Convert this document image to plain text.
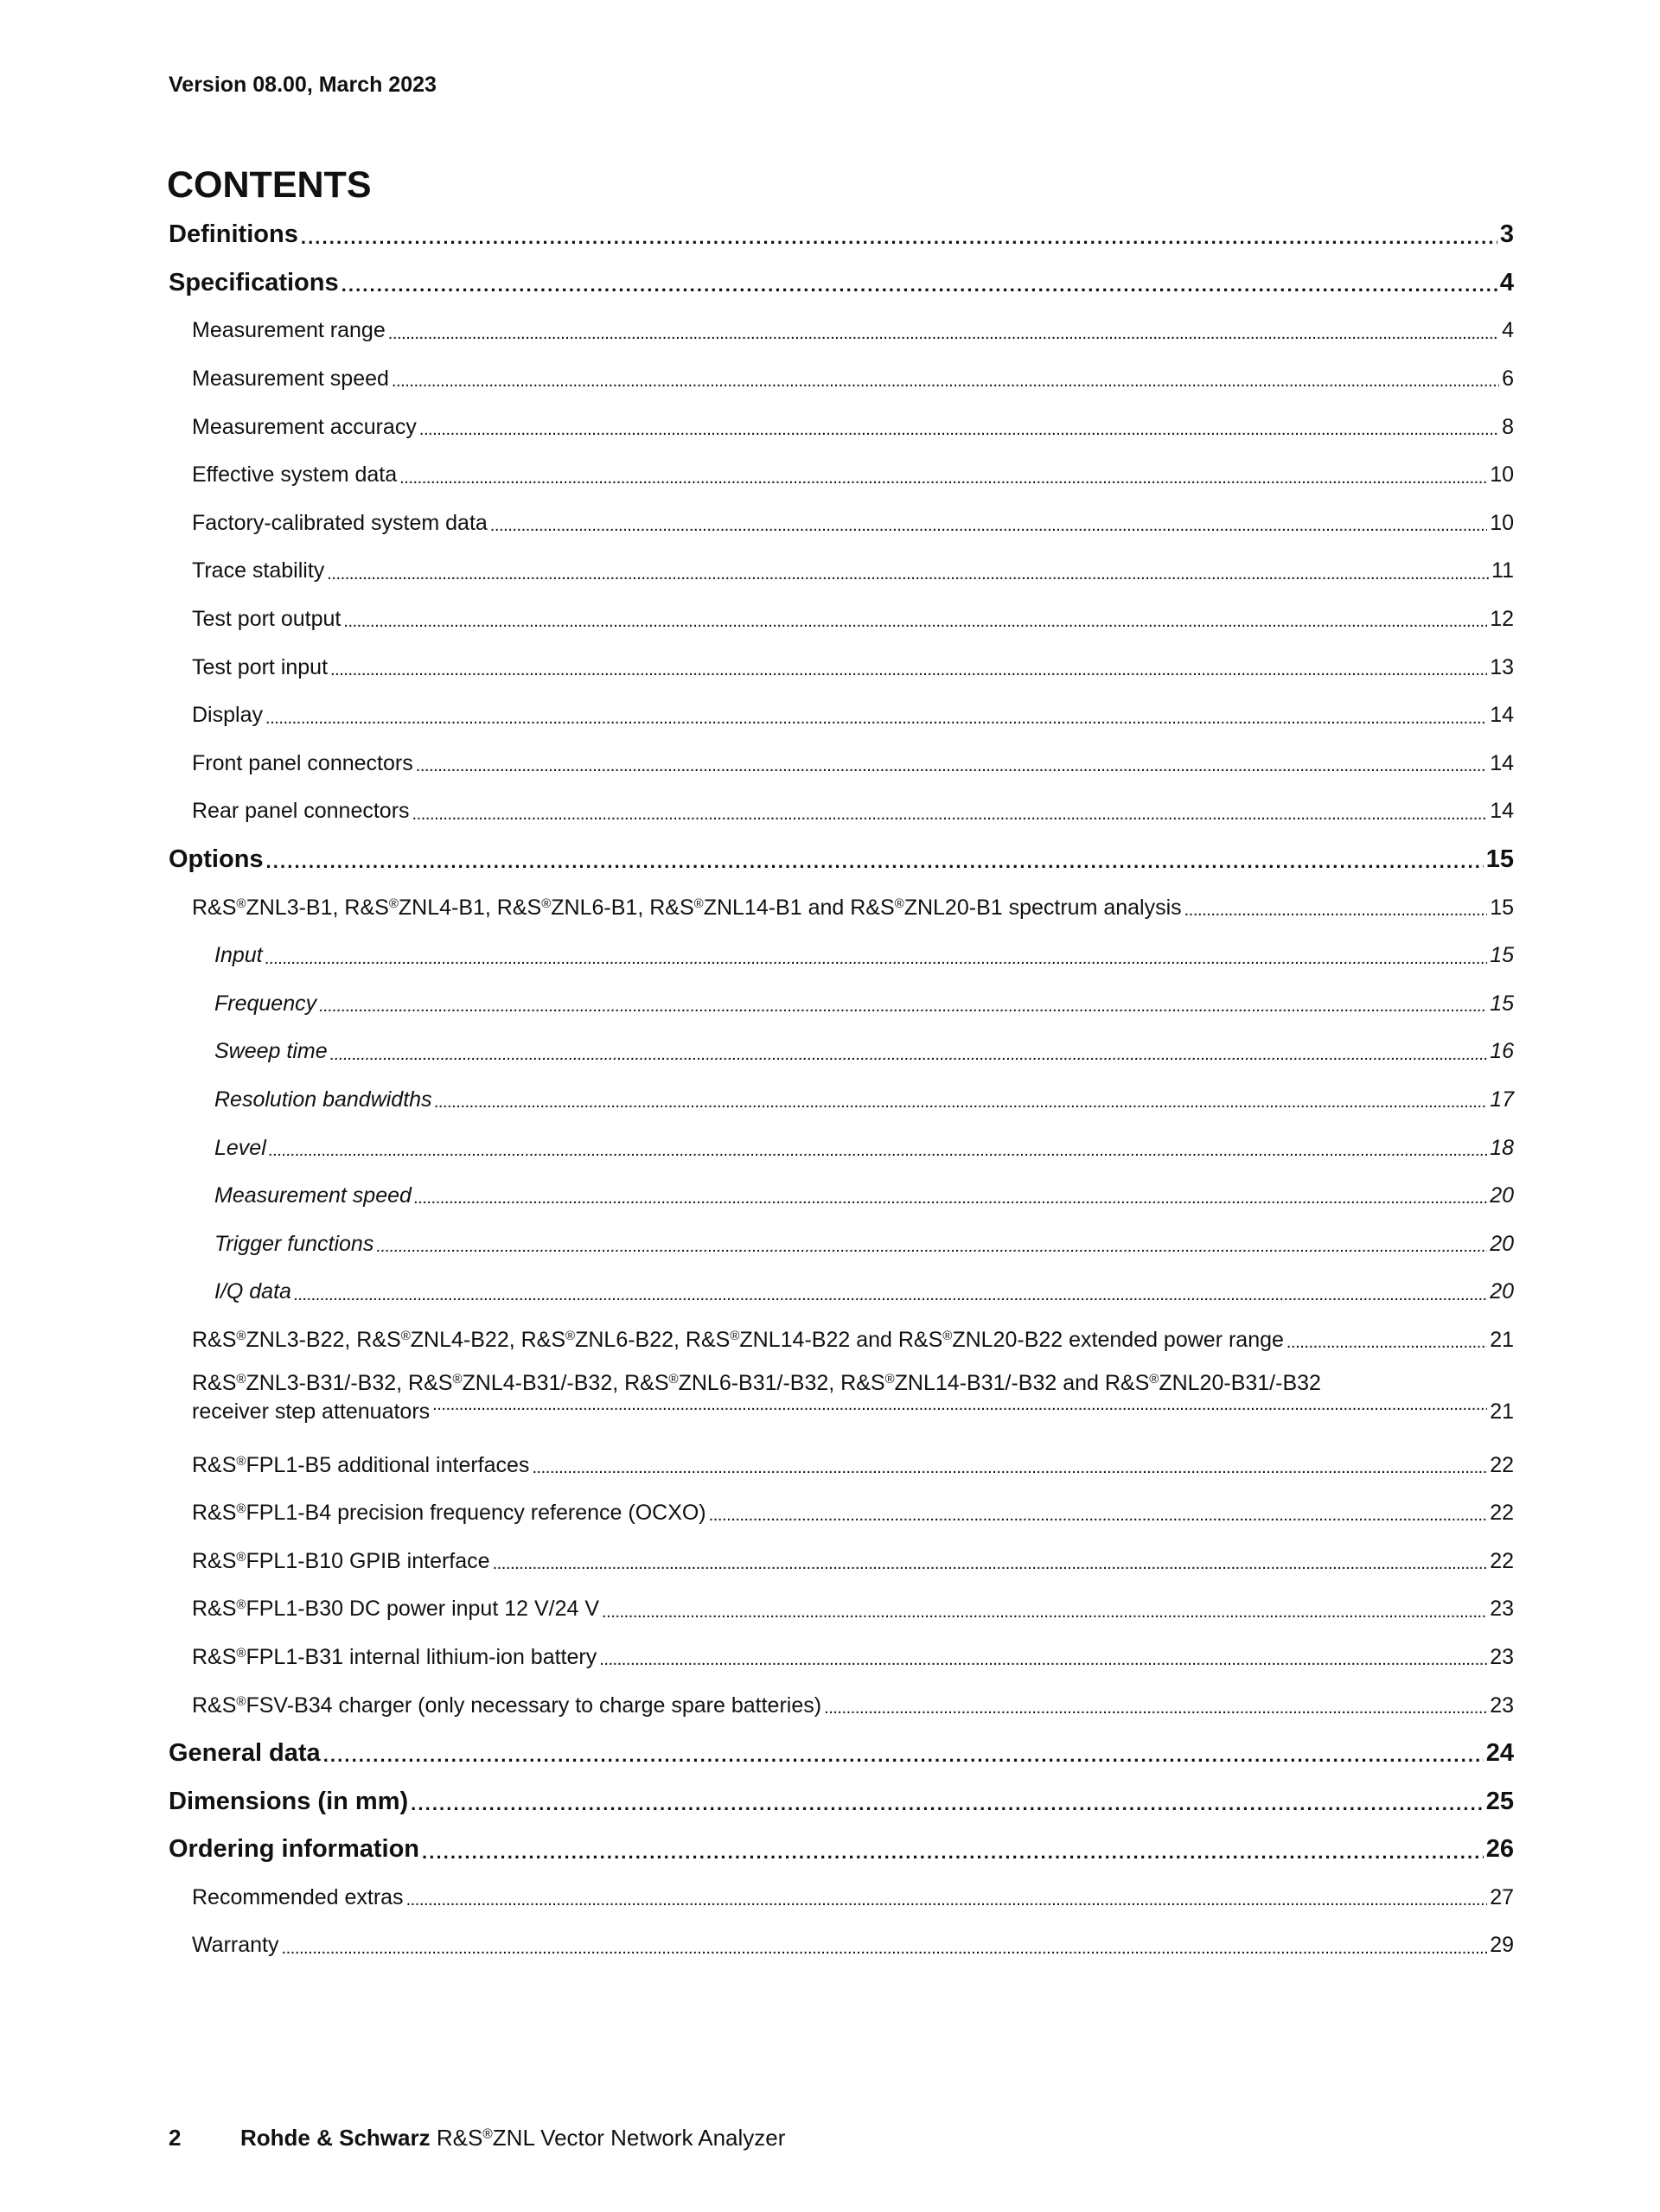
Version 08.00, March 2023
CONTENTS
Definitions . . .	3
Specifications . . .	4
Measurement range . . .	4
Measurement speed . . .	6
Measurement accuracy . . .	8
Effective system data . . .	10
Factory-calibrated system data . . .	10
Trace stability . . .	11
Test port output . . .	12
Test port input . . .	13
Display . . .	14
Front panel connectors . . .	14
Rear panel connectors . . .	14
Options . . .	15
R&S®ZNL3-B1, R&S®ZNL4-B1, R&S®ZNL6-B1, R&S®ZNL14-B1 and R&S®ZNL20-B1 spectrum analysis . . .	15
Input . . .	15
Frequency . . .	15
Sweep time . . .	16
Resolution bandwidths . . .	17
Level . . .	18
Measurement speed . . .	20
Trigger functions . . .	20
I/Q data . . .	20
R&S®ZNL3-B22, R&S®ZNL4-B22, R&S®ZNL6-B22, R&S®ZNL14-B22 and R&S®ZNL20-B22 extended power range . . .	21
R&S®ZNL3-B31/-B32, R&S®ZNL4-B31/-B32, R&S®ZNL6-B31/-B32, R&S®ZNL14-B31/-B32 and R&S®ZNL20-B31/-B32
receiver step attenuators . . .	21
R&S®FPL1-B5 additional interfaces . . .	22
R&S®FPL1-B4 precision frequency reference (OCXO) . . .	22
R&S®FPL1-B10 GPIB interface . . .	22
R&S®FPL1-B30 DC power input 12 V/24 V . . .	23
R&S®FPL1-B31 internal lithium-ion battery . . .	23
R&S®FSV-B34 charger (only necessary to charge spare batteries) . . .	23
General data . . .	24
Dimensions (in mm) . . .	25
Ordering information . . .	26
Recommended extras . . .	27
Warranty . . .	29
2	Rohde & Schwarz R&S®ZNL Vector Network Analyzer
